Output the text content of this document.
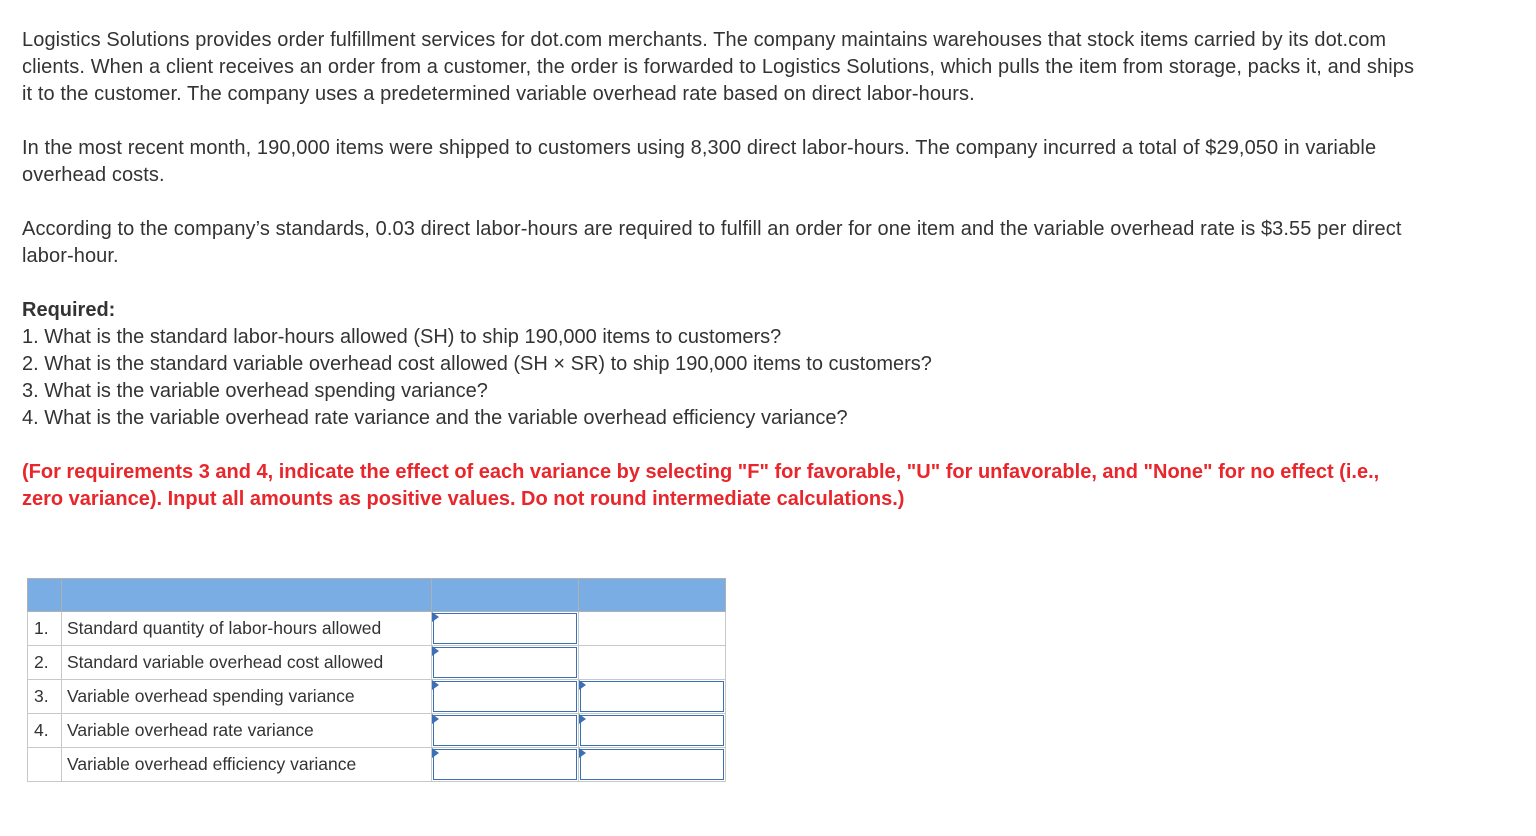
Logistics Solutions provides order fulfillment services for dot.com merchants. The company maintains warehouses that stock items carried by its dot.com clients. When a client receives an order from a customer, the order is forwarded to Logistics Solutions, which pulls the item from storage, packs it, and ships it to the customer. The company uses a predetermined variable overhead rate based on direct labor-hours.

In the most recent month, 190,000 items were shipped to customers using 8,300 direct labor-hours. The company incurred a total of $29,050 in variable overhead costs.

According to the company’s standards, 0.03 direct labor-hours are required to fulfill an order for one item and the variable overhead rate is $3.55 per direct labor-hour.

Required:

1. What is the standard labor-hours allowed (SH) to ship 190,000 items to customers?
2. What is the standard variable overhead cost allowed (SH × SR) to ship 190,000 items to customers?
3. What is the variable overhead spending variance?
4. What is the variable overhead rate variance and the variable overhead efficiency variance?

(For requirements 3 and 4, indicate the effect of each variance by selecting "F" for favorable, "U" for unfavorable, and "None" for no effect (i.e., zero variance). Input all amounts as positive values. Do not round intermediate calculations.)

1.	Standard quantity of labor-hours allowed	

2.	Standard variable overhead cost allowed	

3.	Variable overhead spending variance	

4.	Variable overhead rate variance	

	Variable overhead efficiency variance	
